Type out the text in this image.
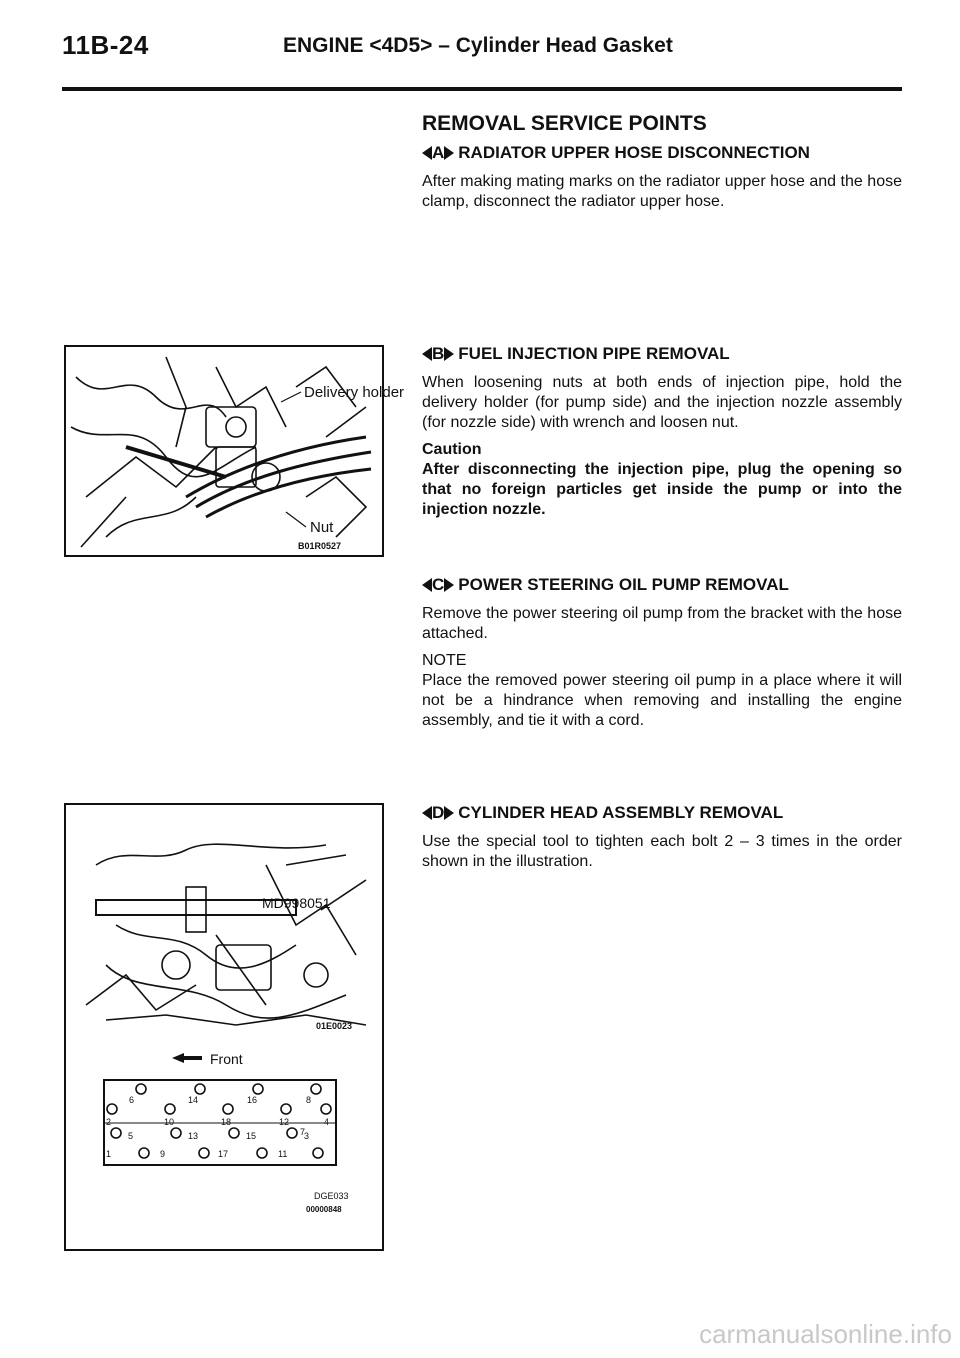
11B-24	ENGINE <4D5> – Cylinder Head Gasket

REMOVAL SERVICE POINTS

A RADIATOR UPPER HOSE DISCONNECTION

After making mating marks on the radiator upper hose and the hose clamp, disconnect the radiator upper hose.

B FUEL INJECTION PIPE REMOVAL

When loosening nuts at both ends of injection pipe, hold the delivery holder (for pump side) and the injection nozzle assembly (for nozzle side) with wrench and loosen nut.

Caution

After disconnecting the injection pipe, plug the opening so that no foreign particles get inside the pump or into the injection nozzle.

C POWER STEERING OIL PUMP REMOVAL

Remove the power steering oil pump from the bracket with the hose attached.

NOTE

Place the removed power steering oil pump in a place where it will not be a hindrance when removing and installing the engine assembly, and tie it with a cord.

D CYLINDER HEAD ASSEMBLY REMOVAL

Use the special tool to tighten each bolt 2 – 3 times in the order shown in the illustration.

Delivery holder
Nut
B01R0527
MD998051
01E0023
Front
6	14	16	8
2	10	18	12	4
5	13	15	3
1	9	17	11
7
DGE033
00000848
carmanualsonline.info
